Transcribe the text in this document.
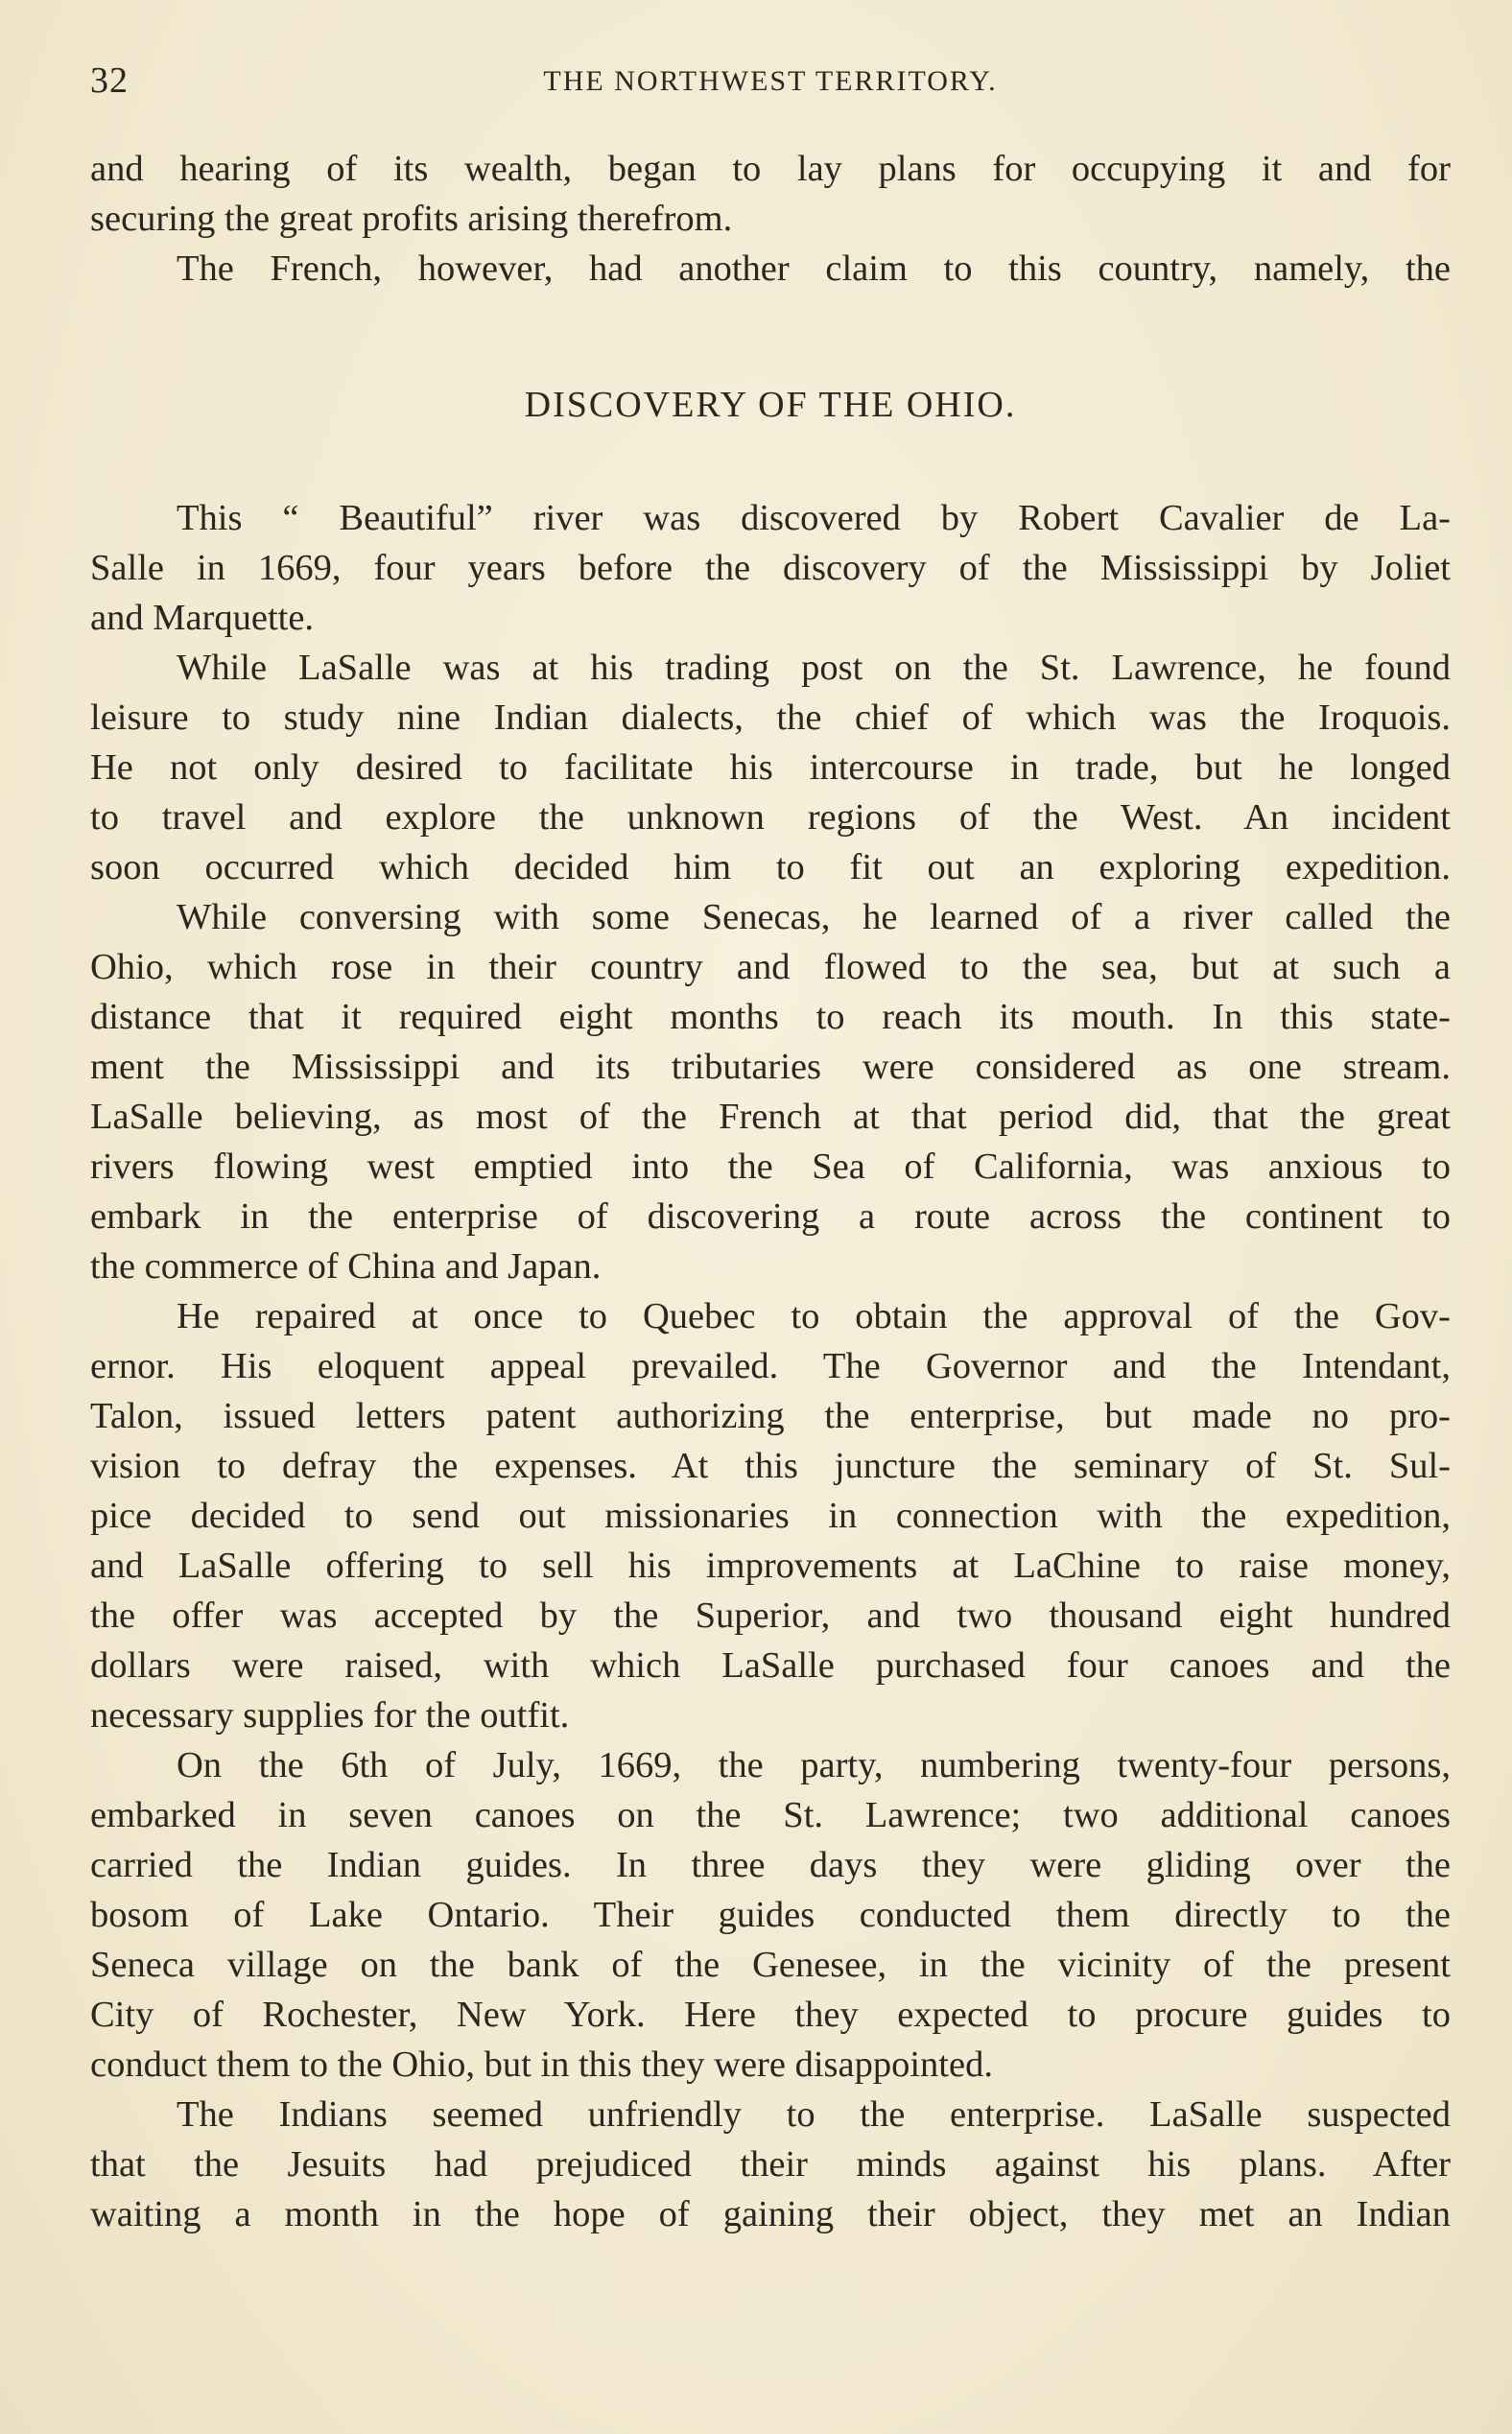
32	THE NORTHWEST TERRITORY.
and hearing of its wealth, began to lay plans for occupying it and for
securing the great profits arising therefrom.
The French, however, had another claim to this country, namely, the
DISCOVERY OF THE OHIO.
This “ Beautiful” river was discovered by Robert Cavalier de La-
Salle in 1669, four years before the discovery of the Mississippi by Joliet
and Marquette.
While LaSalle was at his trading post on the St. Lawrence, he found
leisure to study nine Indian dialects, the chief of which was the Iroquois.
He not only desired to facilitate his intercourse in trade, but he longed
to travel and explore the unknown regions of the West. An incident
soon occurred which decided him to fit out an exploring expedition.
While conversing with some Senecas, he learned of a river called the
Ohio, which rose in their country and flowed to the sea, but at such a
distance that it required eight months to reach its mouth. In this state-
ment the Mississippi and its tributaries were considered as one stream.
LaSalle believing, as most of the French at that period did, that the great
rivers flowing west emptied into the Sea of California, was anxious to
embark in the enterprise of discovering a route across the continent to
the commerce of China and Japan.
He repaired at once to Quebec to obtain the approval of the Gov-
ernor. His eloquent appeal prevailed. The Governor and the Intendant,
Talon, issued letters patent authorizing the enterprise, but made no pro-
vision to defray the expenses. At this juncture the seminary of St. Sul-
pice decided to send out missionaries in connection with the expedition,
and LaSalle offering to sell his improvements at LaChine to raise money,
the offer was accepted by the Superior, and two thousand eight hundred
dollars were raised, with which LaSalle purchased four canoes and the
necessary supplies for the outfit.
On the 6th of July, 1669, the party, numbering twenty-four persons,
embarked in seven canoes on the St. Lawrence; two additional canoes
carried the Indian guides. In three days they were gliding over the
bosom of Lake Ontario. Their guides conducted them directly to the
Seneca village on the bank of the Genesee, in the vicinity of the present
City of Rochester, New York. Here they expected to procure guides to
conduct them to the Ohio, but in this they were disappointed.
The Indians seemed unfriendly to the enterprise. LaSalle suspected
that the Jesuits had prejudiced their minds against his plans. After
waiting a month in the hope of gaining their object, they met an Indian
